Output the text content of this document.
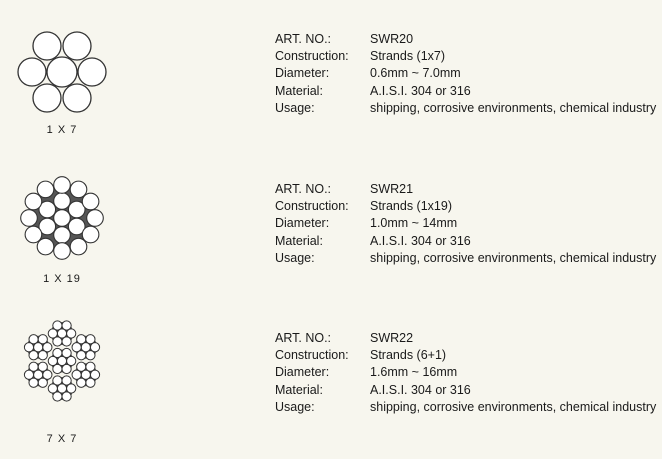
1 X 7
ART. NO.:	SWR20
Construction:	Strands (1x7)
Diameter:	0.6mm ~ 7.0mm
Material:	A.I.S.I. 304 or 316
Usage:	shipping, corrosive environments, chemical industry
1 X 19
ART. NO.:	SWR21
Construction:	Strands (1x19)
Diameter:	1.0mm ~ 14mm
Material:	A.I.S.I. 304 or 316
Usage:	shipping, corrosive environments, chemical industry
7 X 7
ART. NO.:	SWR22
Construction:	Strands (6+1)
Diameter:	1.6mm ~ 16mm
Material:	A.I.S.I. 304 or 316
Usage:	shipping, corrosive environments, chemical industry
